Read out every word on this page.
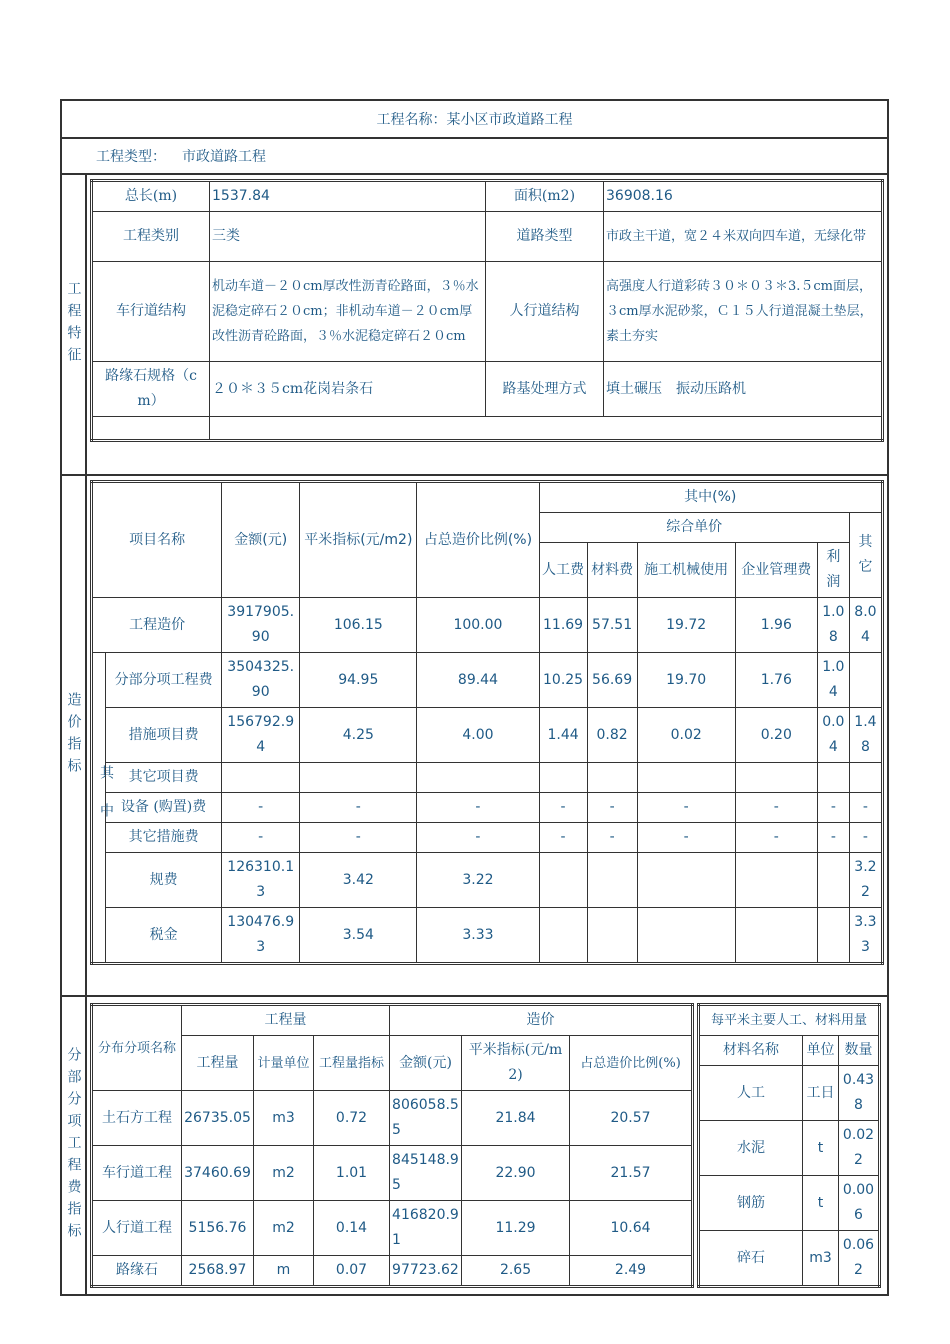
工程名称：某小区市政道路工程
工程类型： 市政道路工程
工程特征
总长(m)	1537.84	面积(m2)	36908.16
工程类别	三类	道路类型	市政主干道，宽２４米双向四车道，无绿化带
车行道结构	机动车道－２０cm厚改性沥青砼路面，３％水泥稳定碎石２０cm；非机动车道－２０cm厚改性沥青砼路面，３％水泥稳定碎石２０cm	人行道结构	高强度人行道彩砖３０＊０３＊3.５cm面层，３cm厚水泥砂浆，Ｃ１５人行道混凝土垫层，素土夯实
路缘石规格（cm）	２０＊３５cm花岗岩条石	路基处理方式	填土碾压　振动压路机

造价指标
项目名称		金额(元)	平米指标(元/m2)	占总造价比例(%)	其中(%)					
					综合单价					其它
					人工费	材料费	施工机械使用	企业管理费	利润	
工程造价		3917905.90	106.15	100.00	11.69	57.51	19.72	1.96	1.08	8.04
其中	分部分项工程费	3504325.90	94.95	89.44	10.25	56.69	19.70	1.76	1.04	
	措施项目费	156792.94	4.25	4.00	1.44	0.82	0.02	0.20	0.04	1.48
	其它项目费									
	设备 (购置)费	-	-	-	-	-	-	-	-	-
	其它措施费	-	-	-	-	-	-	-	-	-
	规费	126310.13	3.42	3.22						3.22
	税金	130476.93	3.54	3.33						3.33
分部分项工程费指标 分布分项名称	工程量			造价		
	工程量	计量单位	工程量指标	金额(元)	平米指标(元/m2)	占总造价比例(%)
土石方工程	26735.05	m3	0.72	806058.55	21.84	20.57
车行道工程	37460.69	m2	1.01	845148.95	22.90	21.57
人行道工程	5156.76	m2	0.14	416820.91	11.29	10.64
路缘石	2568.97	m	0.07	97723.62	2.65	2.49
每平米主要人工、材料用量		
材料名称	单位	数量
人工	工日	0.438
水泥	t	0.022
钢筋	t	0.006
碎石	m3	0.062
